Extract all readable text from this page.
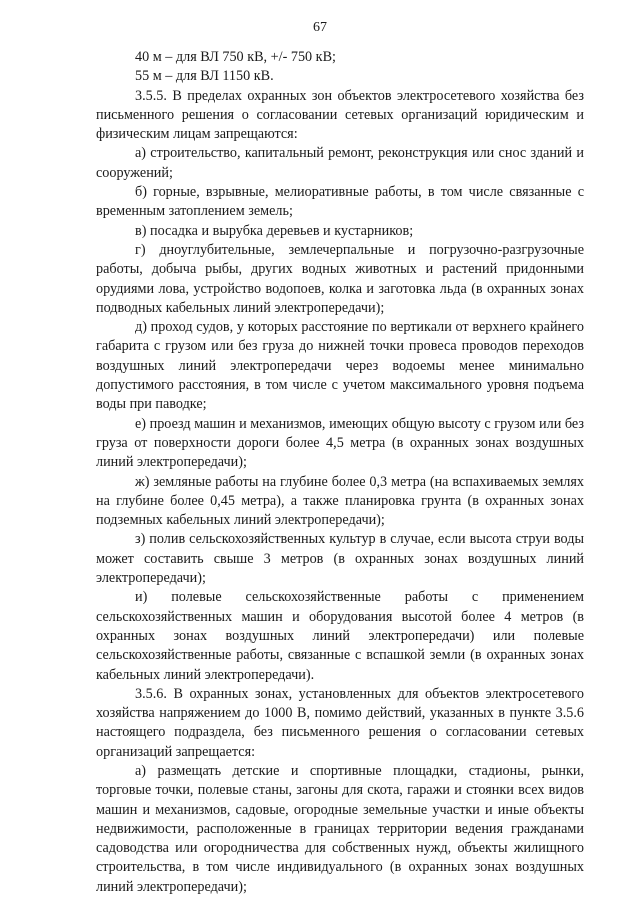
67

40 м – для ВЛ 750 кВ, +/- 750 кВ;

55 м – для ВЛ 1150 кВ.

3.5.5. В пределах охранных зон объектов электросетевого хозяйства без письменного решения о согласовании сетевых организаций юридическим и физическим лицам запрещаются:

а) строительство, капитальный ремонт, реконструкция или снос зданий и сооружений;

б) горные, взрывные, мелиоративные работы, в том числе связанные с временным затоплением земель;

в) посадка и вырубка деревьев и кустарников;

г) дноуглубительные, землечерпальные и погрузочно-разгрузочные работы, добыча рыбы, других водных животных и растений придонными орудиями лова, устройство водопоев, колка и заготовка льда (в охранных зонах подводных кабельных линий электропередачи);

д) проход судов, у которых расстояние по вертикали от верхнего крайнего габарита с грузом или без груза до нижней точки провеса проводов переходов воздушных линий электропередачи через водоемы менее минимально допустимого расстояния, в том числе с учетом максимального уровня подъема воды при паводке;

е) проезд машин и механизмов, имеющих общую высоту с грузом или без груза от поверхности дороги более 4,5 метра (в охранных зонах воздушных линий электропередачи);

ж) земляные работы на глубине более 0,3 метра (на вспахиваемых землях на глубине более 0,45 метра), а также планировка грунта (в охранных зонах подземных кабельных линий электропередачи);

з) полив сельскохозяйственных культур в случае, если высота струи воды может составить свыше 3 метров (в охранных зонах воздушных линий электропередачи);

и) полевые сельскохозяйственные работы с применением сельскохозяйственных машин и оборудования высотой более 4 метров (в охранных зонах воздушных линий электропередачи) или полевые сельскохозяйственные работы, связанные с вспашкой земли (в охранных зонах кабельных линий электропередачи).

3.5.6. В охранных зонах, установленных для объектов электросетевого хозяйства напряжением до 1000 В, помимо действий, указанных в пункте 3.5.6 настоящего подраздела, без письменного решения о согласовании сетевых организаций запрещается:

а) размещать детские и спортивные площадки, стадионы, рынки, торговые точки, полевые станы, загоны для скота, гаражи и стоянки всех видов машин и механизмов, садовые, огородные земельные участки и иные объекты недвижимости, расположенные в границах территории ведения гражданами садоводства или огородничества для собственных нужд, объекты жилищного строительства, в том числе индивидуального (в охранных зонах воздушных линий электропередачи);
